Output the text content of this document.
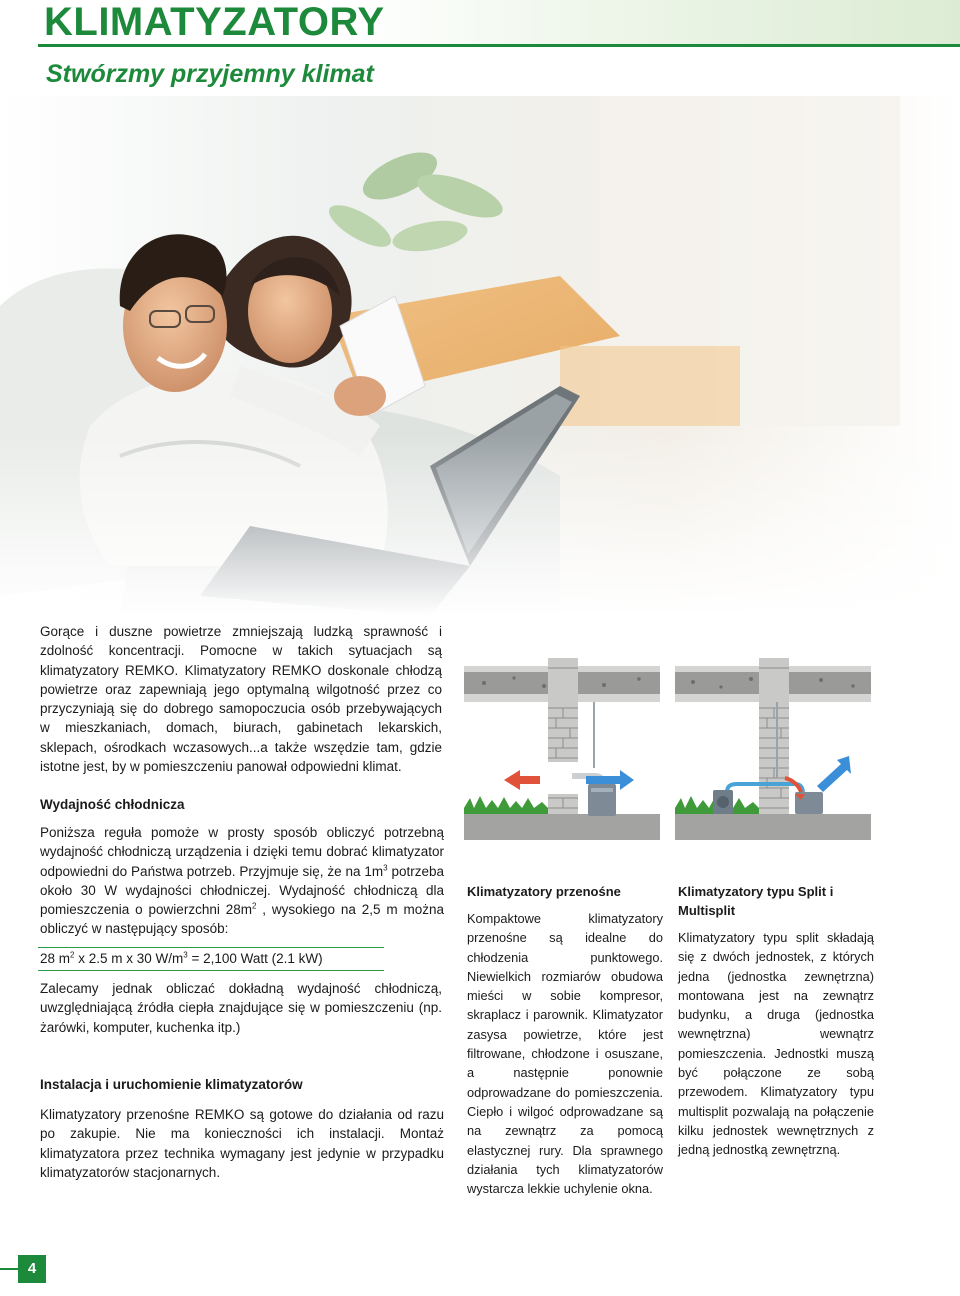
KLIMATYZATORY
Stwórzmy przyjemny klimat

Gorące i duszne powietrze zmniejszają ludzką sprawność i zdolność koncentracji. Pomocne w takich sytuacjach są klimatyzatory REMKO. Klimatyzatory REMKO doskonale chłodzą powietrze oraz zapewniają jego optymalną wilgotność przez co przyczyniają się do dobrego samopoczucia osób przebywających w mieszkaniach, domach, biurach, gabinetach lekarskich, sklepach, ośrodkach wczasowych...a także wszędzie tam, gdzie istotne jest, by w pomieszczeniu panował odpowiedni klimat.

Wydajność chłodnicza

Poniższa reguła pomoże w prosty sposób obliczyć potrzebną wydajność chłodniczą urządzenia i dzięki temu dobrać klimatyzator odpowiedni do Państwa potrzeb. Przyjmuje się, że na $1m^3$ potrzeba około 30 W wydajności chłodniczej. Wydajność chłodniczą dla pomieszczenia o powierzchni $28m^2$ , wysokiego na 2,5 m można obliczyć w następujący sposób:

28 $m^2$ x 2.5 m x 30 $W/m^3 = 2,100$ Watt (2.1 kW)

Zalecamy jednak obliczać dokładną wydajność chłodniczą, uwzględniającą źródła ciepła znajdujące się w pomieszczeniu (np. żarówki, komputer, kuchenka itp.)

Instalacja i uruchomienie klimatyzatorów

Klimatyzatory przenośne REMKO są gotowe do działania od razu po zakupie. Nie ma konieczności ich instalacji. Montaż klimatyzatora przez technika wymagany jest jedynie w przypadku klimatyzatorów stacjonarnych.

Klimatyzatory przenośne

Kompaktowe klimatyzatory przenośne są idealne do chłodzenia punktowego. Niewielkich rozmiarów obudowa mieści w sobie kompresor, skraplacz i parownik. Klimatyzator zasysa powietrze, które jest filtrowane, chłodzone i osuszane, a następnie ponownie odprowadzane do pomieszczenia. Ciepło i wilgoć odprowadzane są na zewnątrz za pomocą elastycznej rury. Dla sprawnego działania tych klimatyzatorów wystarcza lekkie uchylenie okna.

Klimatyzatory typu Split i Multisplit

Klimatyzatory typu split składają się z dwóch jednostek, z których jedna (jednostka zewnętrzna) montowana jest na zewnątrz budynku, a druga (jednostka wewnętrzna) wewnątrz pomieszczenia. Jednostki muszą być połączone ze sobą przewodem. Klimatyzatory typu multisplit pozwalają na połączenie kilku jednostek wewnętrznych z jedną jednostką zewnętrzną.

4
